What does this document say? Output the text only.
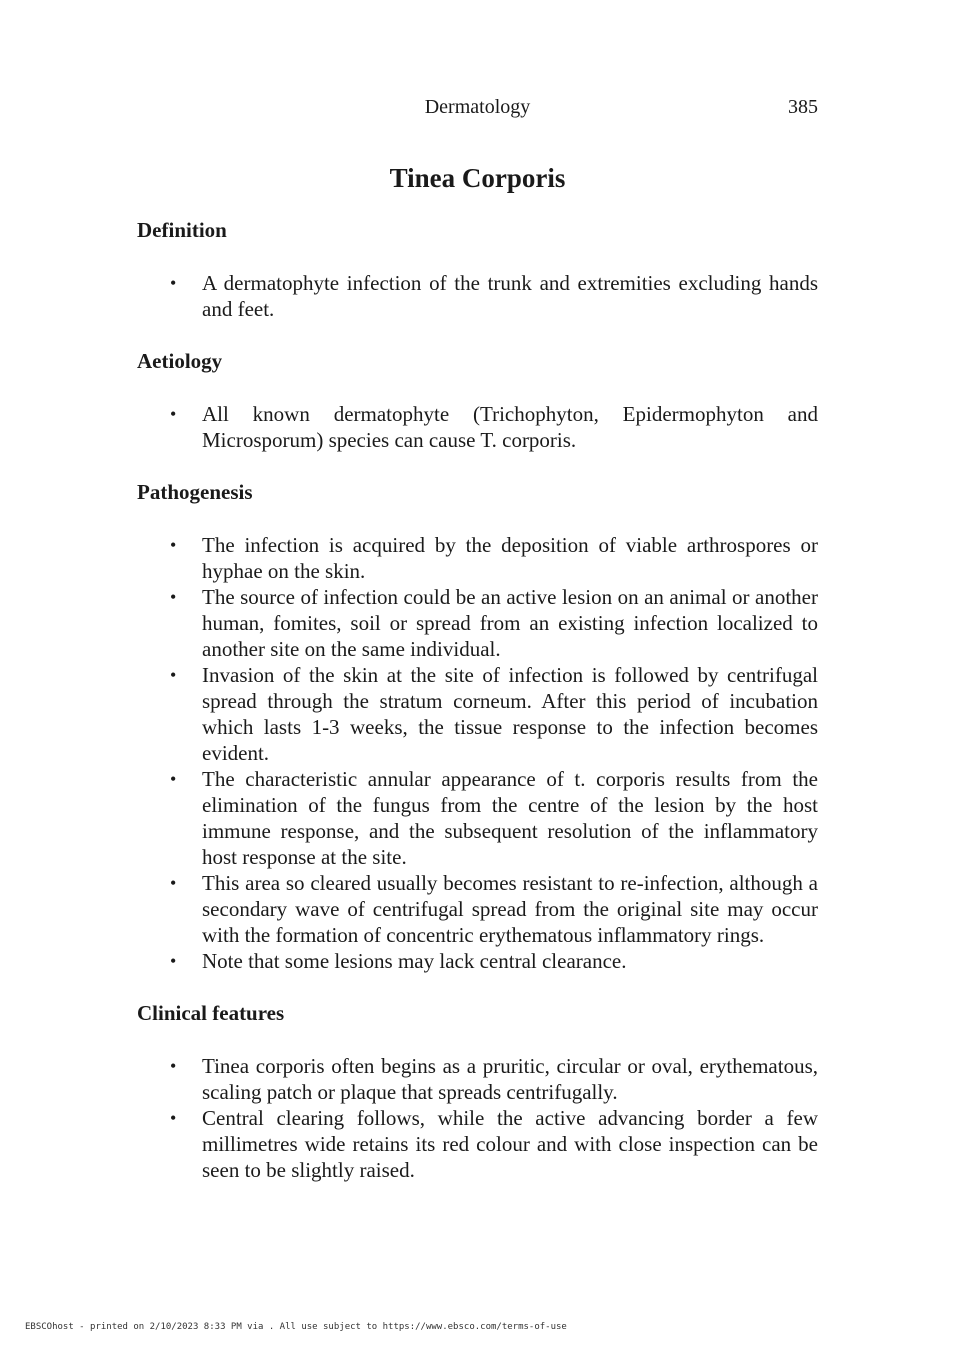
Dermatology	385
Tinea Corporis
Definition
• A dermatophyte infection of the trunk and extremities excluding hands and feet.
Aetiology
• All known dermatophyte (Trichophyton, Epidermophyton and Microsporum) species can cause T. corporis.
Pathogenesis
• The infection is acquired by the deposition of viable arthrospores or hyphae on the skin.
• The source of infection could be an active lesion on an animal or another human, fomites, soil or spread from an existing infection localized to another site on the same individual.
• Invasion of the skin at the site of infection is followed by centrifugal spread through the stratum corneum. After this period of incubation which lasts 1-3 weeks, the tissue response to the infection becomes evident.
• The characteristic annular appearance of t. corporis results from the elimination of the fungus from the centre of the lesion by the host immune response, and the subsequent resolution of the inflammatory host response at the site.
• This area so cleared usually becomes resistant to re-infection, although a secondary wave of centrifugal spread from the original site may occur with the formation of concentric erythematous inflammatory rings.
• Note that some lesions may lack central clearance.
Clinical features
• Tinea corporis often begins as a pruritic, circular or oval, erythematous, scaling patch or plaque that spreads centrifugally.
• Central clearing follows, while the active advancing border a few millimetres wide retains its red colour and with close inspection can be seen to be slightly raised.
EBSCOhost - printed on 2/10/2023 8:33 PM via . All use subject to https://www.ebsco.com/terms-of-use
